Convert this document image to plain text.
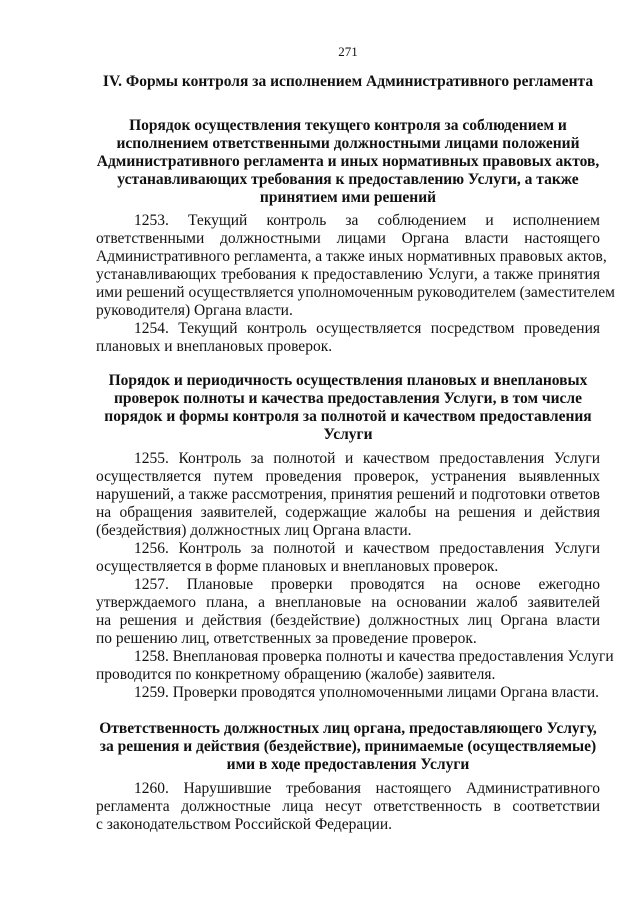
271
IV. Формы контроля за исполнением Административного регламента
Порядок осуществления текущего контроля за соблюдением и
исполнением ответственными должностными лицами положений
Административного регламента и иных нормативных правовых актов,
устанавливающих требования к предоставлению Услуги, а также
принятием ими решений
1253. Текущий контроль за соблюдением и исполнением
ответственными должностными лицами Органа власти настоящего
Административного регламента, а также иных нормативных правовых актов,
устанавливающих требования к предоставлению Услуги, а также принятия
ими решений осуществляется уполномоченным руководителем (заместителем
руководителя) Органа власти.
1254. Текущий контроль осуществляется посредством проведения
плановых и внеплановых проверок.
Порядок и периодичность осуществления плановых и внеплановых
проверок полноты и качества предоставления Услуги, в том числе
порядок и формы контроля за полнотой и качеством предоставления
Услуги
1255. Контроль за полнотой и качеством предоставления Услуги
осуществляется путем проведения проверок, устранения выявленных
нарушений, а также рассмотрения, принятия решений и подготовки ответов
на обращения заявителей, содержащие жалобы на решения и действия
(бездействия) должностных лиц Органа власти.
1256. Контроль за полнотой и качеством предоставления Услуги
осуществляется в форме плановых и внеплановых проверок.
1257. Плановые проверки проводятся на основе ежегодно
утверждаемого плана, а внеплановые на основании жалоб заявителей
на решения и действия (бездействие) должностных лиц Органа власти
по решению лиц, ответственных за проведение проверок.
1258. Внеплановая проверка полноты и качества предоставления Услуги
проводится по конкретному обращению (жалобе) заявителя.
1259. Проверки проводятся уполномоченными лицами Органа власти.
Ответственность должностных лиц органа, предоставляющего Услугу,
за решения и действия (бездействие), принимаемые (осуществляемые)
ими в ходе предоставления Услуги
1260. Нарушившие требования настоящего Административного
регламента должностные лица несут ответственность в соответствии
с законодательством Российской Федерации.
